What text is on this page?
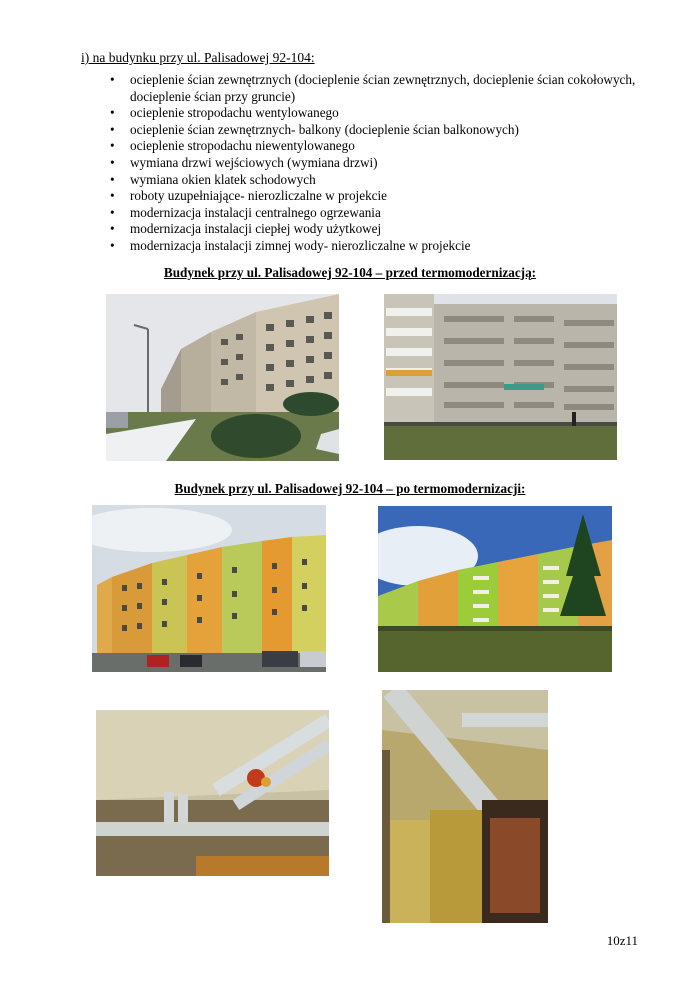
i) na budynku przy ul. Palisadowej 92-104:

• ocieplenie ścian zewnętrznych (docieplenie ścian zewnętrznych, docieplenie ścian cokołowych, docieplenie ścian przy gruncie)
• ocieplenie stropodachu wentylowanego
• ocieplenie ścian zewnętrznych- balkony (docieplenie ścian balkonowych)
• ocieplenie stropodachu niewentylowanego
• wymiana drzwi wejściowych (wymiana drzwi)
• wymiana okien klatek schodowych
• roboty uzupełniające- nierozliczalne w projekcie
• modernizacja instalacji centralnego ogrzewania
• modernizacja instalacji ciepłej wody użytkowej
• modernizacja instalacji zimnej wody- nierozliczalne w projekcie

Budynek przy ul. Palisadowej 92-104 – przed termomodernizacją:

Budynek przy ul. Palisadowej 92-104 – po termomodernizacji:

10z11
